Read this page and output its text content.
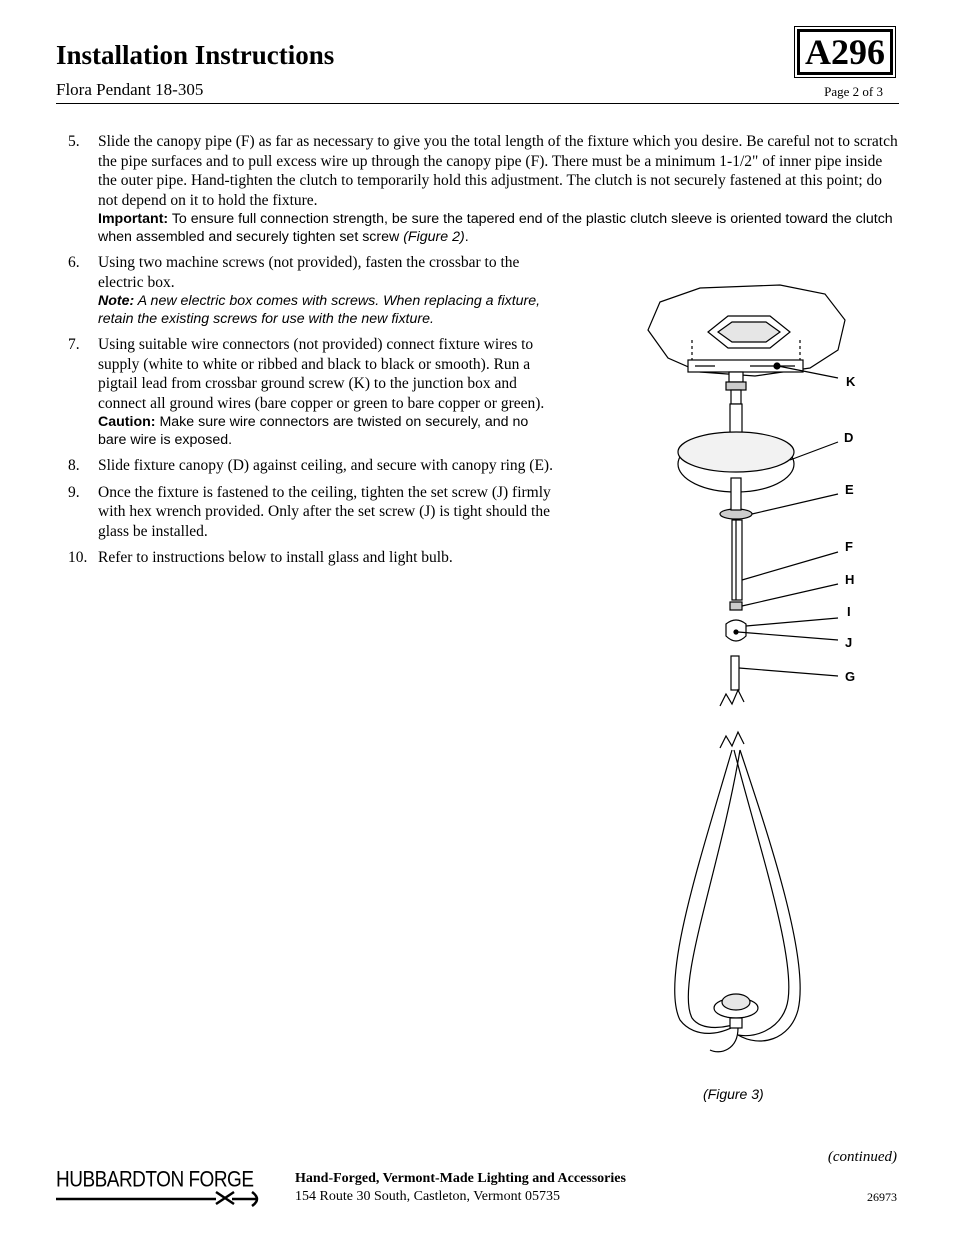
Installation Instructions
Flora Pendant 18-305
A296
Page 2 of 3
5. Slide the canopy pipe (F) as far as necessary to give you the total length of the fixture which you desire. Be careful not to scratch the pipe surfaces and to pull excess wire up through the canopy pipe (F). There must be a minimum 1-1/2" of inner pipe inside the outer pipe. Hand-tighten the clutch to temporarily hold this adjustment. The clutch is not securely fastened at this point; do not depend on it to hold the fixture.
Important: To ensure full connection strength, be sure the tapered end of the plastic clutch sleeve is oriented toward the clutch when assembled and securely tighten set screw (Figure 2).
6. Using two machine screws (not provided), fasten the crossbar to the electric box.
Note: A new electric box comes with screws. When replacing a fixture, retain the existing screws for use with the new fixture.
7. Using suitable wire connectors (not provided) connect fixture wires to supply (white to white or ribbed and black to black or smooth). Run a pigtail lead from crossbar ground screw (K) to the junction box and connect all ground wires (bare copper or green to bare copper or green).
Caution: Make sure wire connectors are twisted on securely, and no bare wire is exposed.
8. Slide fixture canopy (D) against ceiling, and secure with canopy ring (E).
9. Once the fixture is fastened to the ceiling, tighten the set screw (J) firmly with hex wrench provided. Only after the set screw (J) is tight should the glass be installed.
10. Refer to instructions below to install glass and light bulb.
K
D
E
F
H
I
J
G
(Figure 3)
(continued)
HUBBARDTON FORGE	Hand-Forged, Vermont-Made Lighting and Accessories
154 Route 30 South, Castleton, Vermont 05735	26973
